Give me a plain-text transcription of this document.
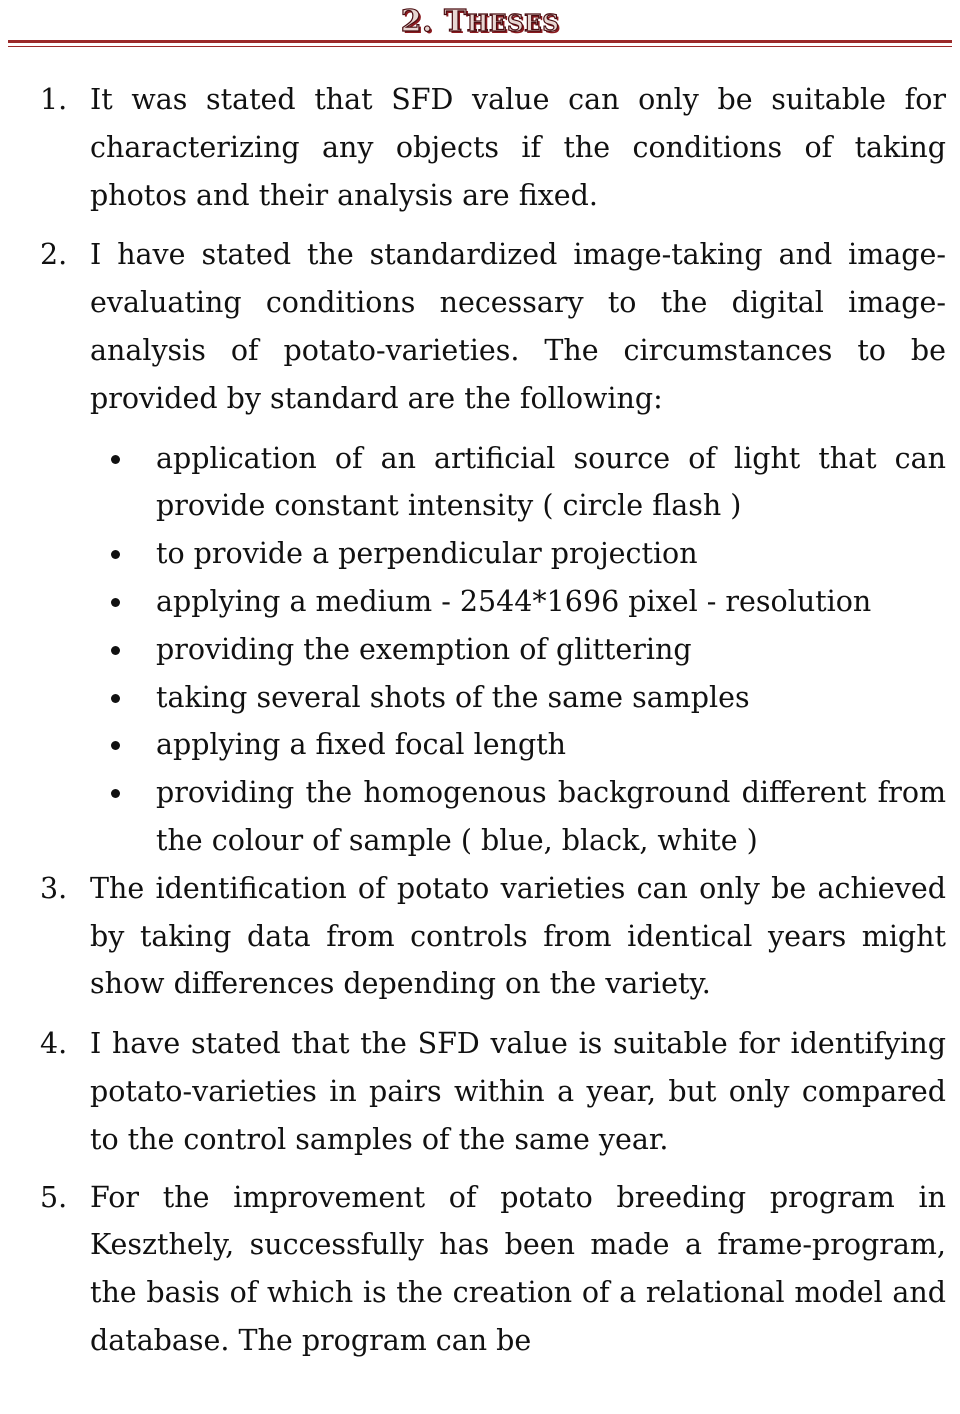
2. THESES
1. It was stated that SFD value can only be suitable for characterizing any objects if the conditions of taking photos and their analysis are fixed.
2. I have stated the standardized image-taking and image-evaluating conditions necessary to the digital image-analysis of potato-varieties. The circumstances to be provided by standard are the following:
application of an artificial source of light that can provide constant intensity ( circle flash )
to provide a perpendicular projection
applying a medium - 2544*1696 pixel - resolution
providing the exemption of glittering
taking several shots of the same samples
applying a fixed focal length
providing the homogenous background different from the colour of sample ( blue, black, white )
3. The identification of potato varieties can only be achieved by taking data from controls from identical years might show differences depending on the variety.
4. I have stated that the SFD value is suitable for identifying potato-varieties in pairs within a year, but only compared to the control samples of the same year.
5. For the improvement of potato breeding program in Keszthely, successfully has been made a frame-program, the basis of which is the creation of a relational model and database. The program can be
